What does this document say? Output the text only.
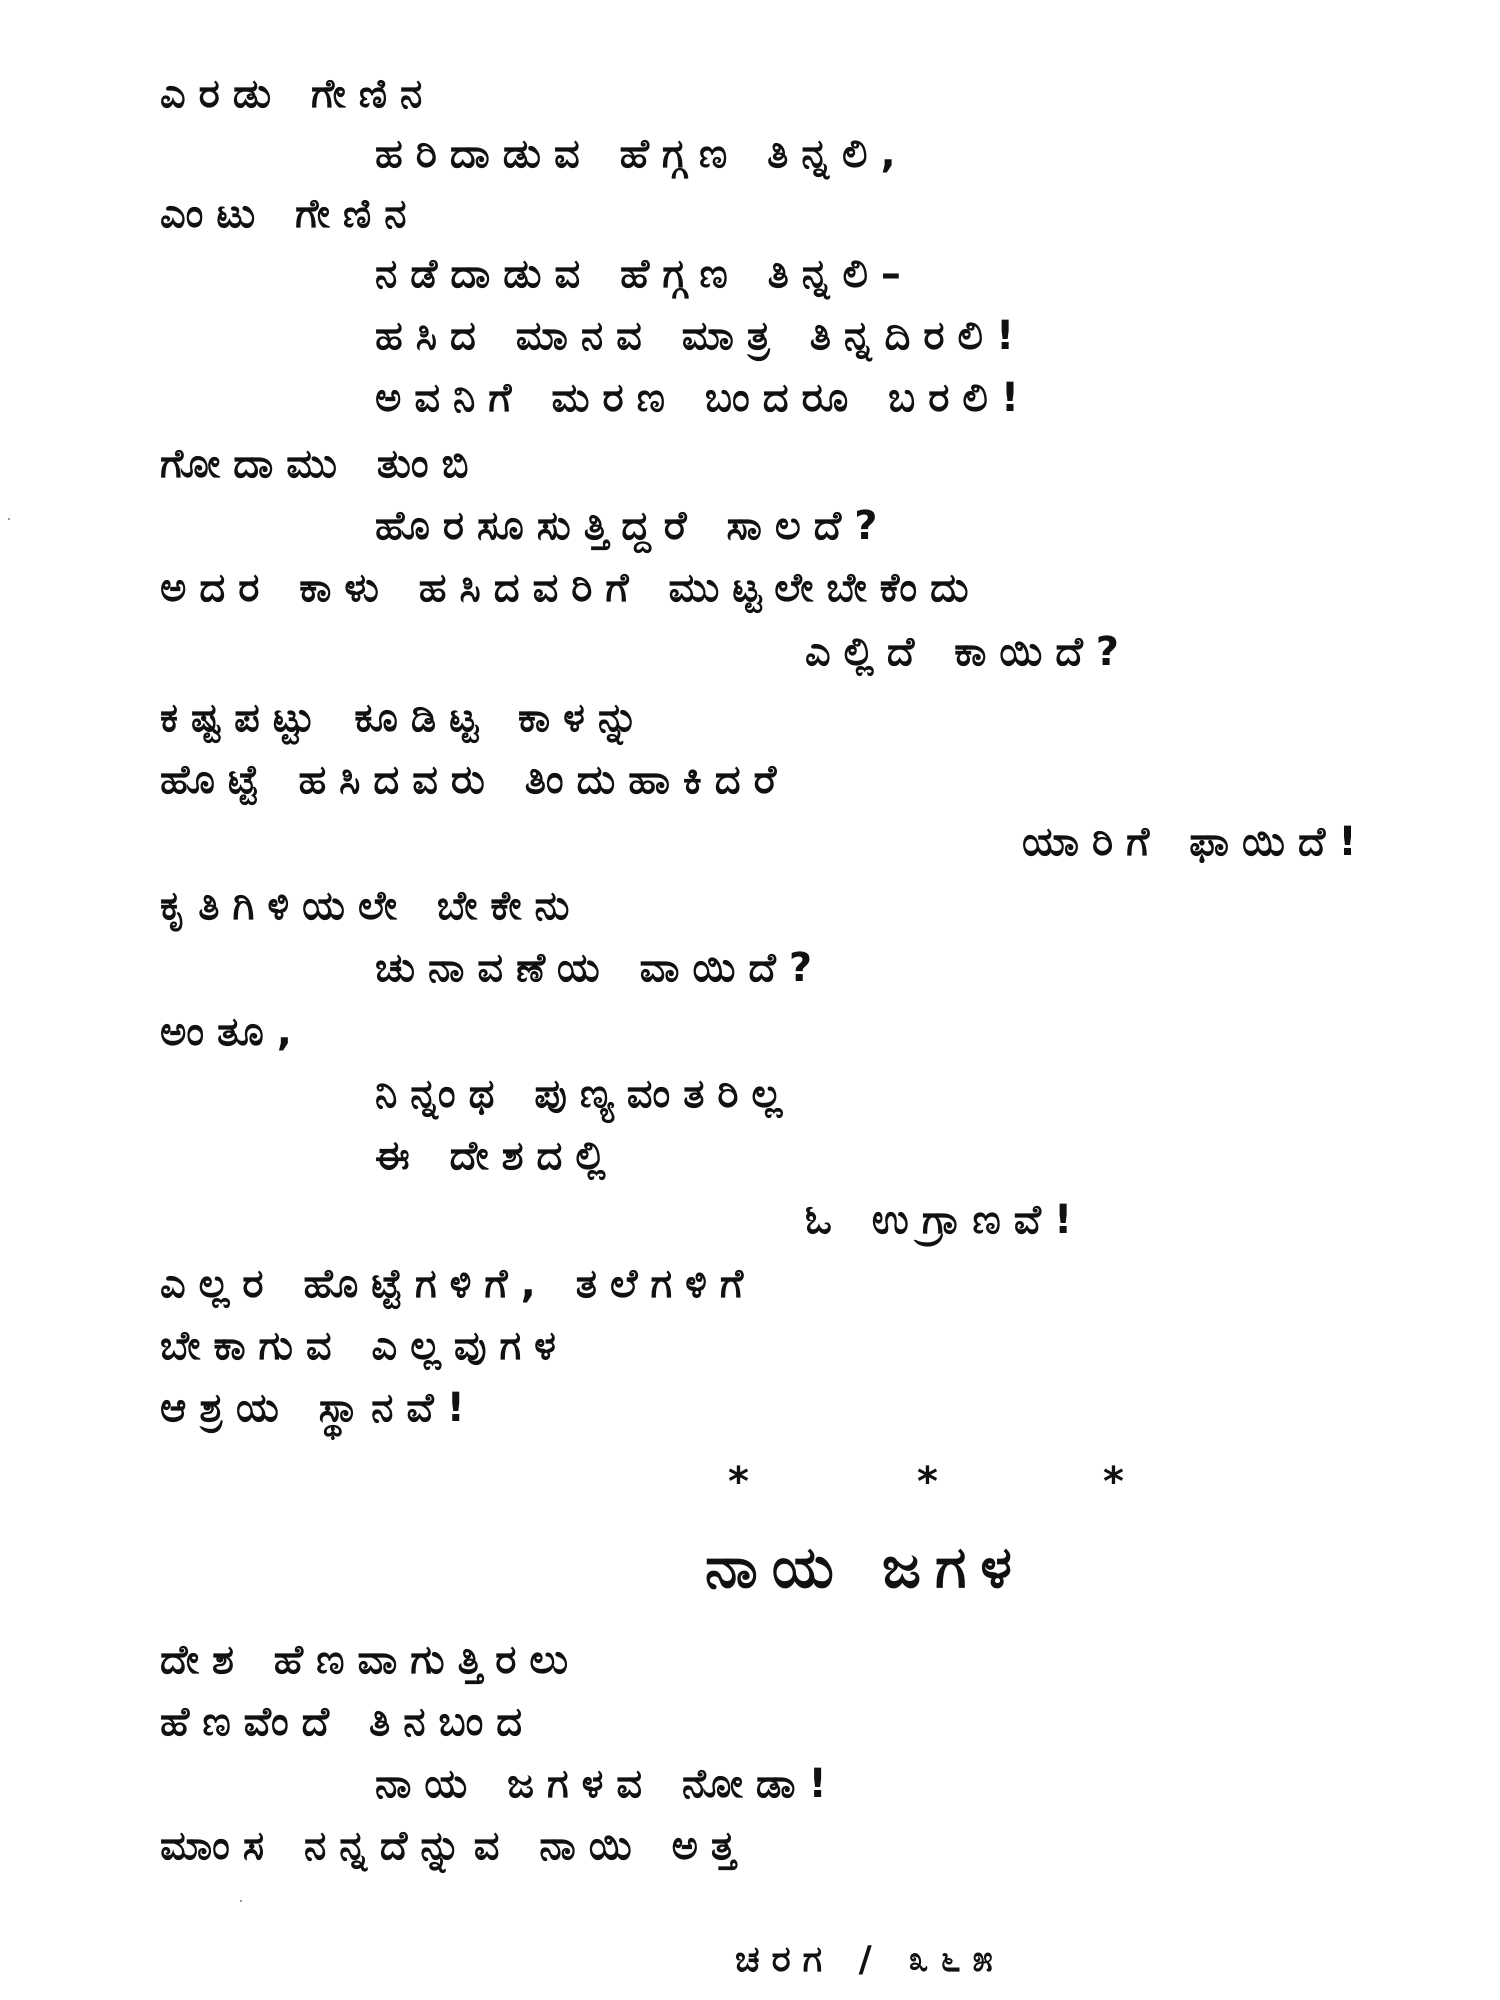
ಎರಡು ಗೇಣಿನ
ಹರಿದಾಡುವ ಹೆಗ್ಗಣ ತಿನ್ನಲಿ,
ಎಂಟು ಗೇಣಿನ
ನಡೆದಾಡುವ ಹೆಗ್ಗಣ ತಿನ್ನಲಿ–
ಹಸಿದ ಮಾನವ ಮಾತ್ರ ತಿನ್ನದಿರಲಿ!
ಅವನಿಗೆ ಮರಣ ಬಂದರೂ ಬರಲಿ!
ಗೋದಾಮು ತುಂಬಿ
ಹೊರಸೂಸುತ್ತಿದ್ದರೆ ಸಾಲದೆ?
ಅದರ ಕಾಳು ಹಸಿದವರಿಗೆ ಮುಟ್ಟಲೇಬೇಕೆಂದು
ಎಲ್ಲಿದೆ ಕಾಯಿದೆ?
ಕಷ್ಟಪಟ್ಟು ಕೂಡಿಟ್ಟ ಕಾಳನ್ನು
ಹೊಟ್ಟೆ ಹಸಿದವರು ತಿಂದುಹಾಕಿದರೆ
ಯಾರಿಗೆ ಫಾಯಿದೆ!
ಕೃತಿಗಿಳಿಯಲೇ ಬೇಕೇನು
ಚುನಾವಣೆಯ ವಾಯಿದೆ?
ಅಂತೂ,
ನಿನ್ನಂಥ ಪುಣ್ಯವಂತರಿಲ್ಲ
ಈ ದೇಶದಲ್ಲಿ
ಓ ಉಗ್ರಾಣವೆ!
ಎಲ್ಲರ ಹೊಟ್ಟೆಗಳಿಗೆ, ತಲೆಗಳಿಗೆ
ಬೇಕಾಗುವ ಎಲ್ಲವುಗಳ
ಆಶ್ರಯ ಸ್ಥಾನವೆ!
*	*	*
ನಾಯ ಜಗಳ
ದೇಶ ಹೆಣವಾಗುತ್ತಿರಲು
ಹೆಣವೆಂದೆ ತಿನಬಂದ
ನಾಯ ಜಗಳವ ನೋಡಾ!
ಮಾಂಸ ನನ್ನದೆನ್ನುವ ನಾಯಿ ಅತ್ತ
ಚರಗ / ೩೬೫
